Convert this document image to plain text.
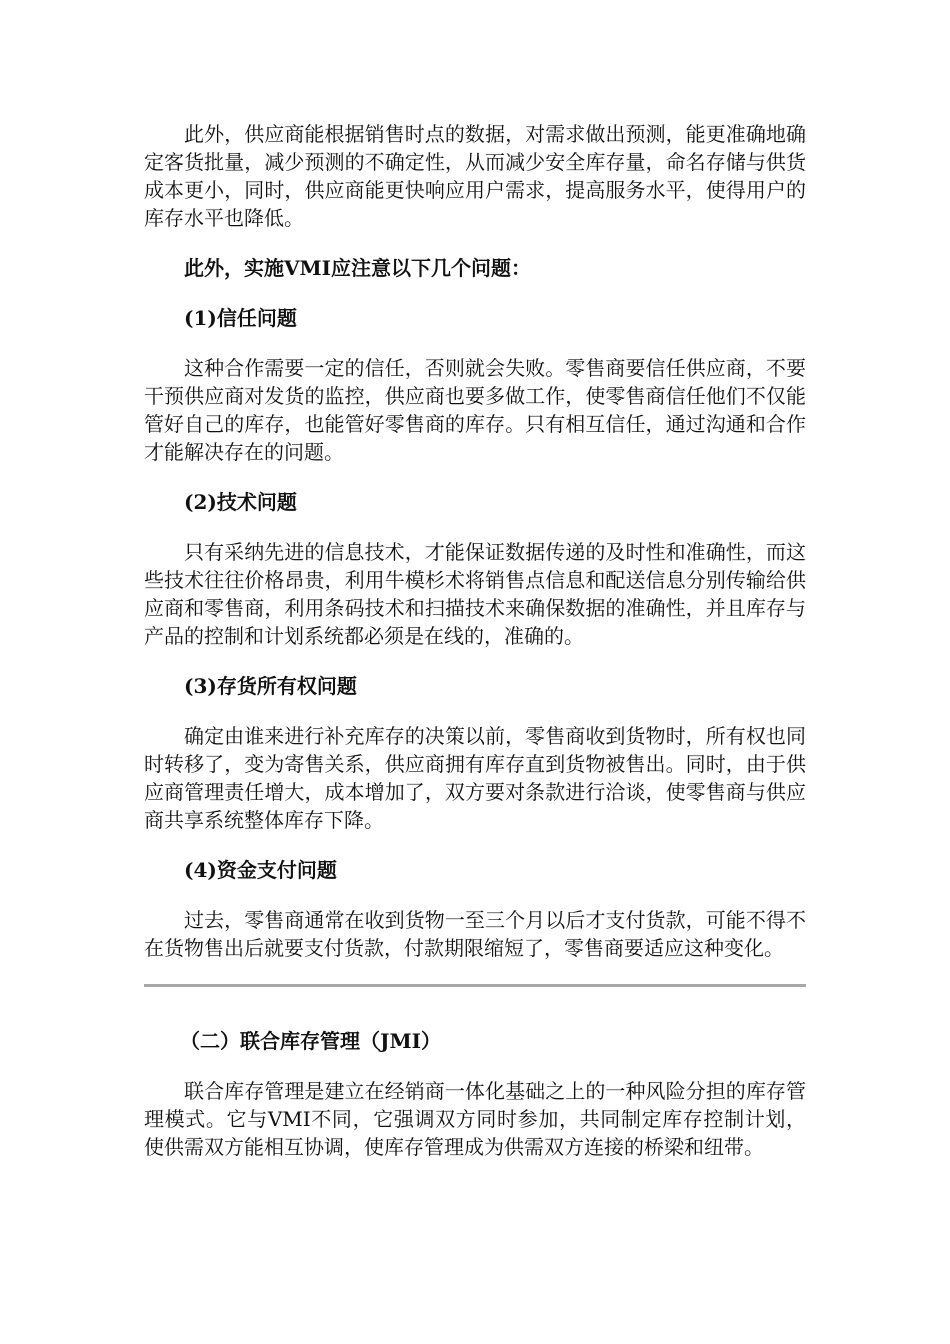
此外，供应商能根据销售时点的数据，对需求做出预测，能更准确地确定客货批量，减少预测的不确定性，从而减少安全库存量，命名存储与供货成本更小，同时，供应商能更快响应用户需求，提高服务水平，使得用户的库存水平也降低。

此外，实施VMI应注意以下几个问题：

(1)信任问题

这种合作需要一定的信任，否则就会失败。零售商要信任供应商，不要干预供应商对发货的监控，供应商也要多做工作，使零售商信任他们不仅能管好自己的库存，也能管好零售商的库存。只有相互信任，通过沟通和合作才能解决存在的问题。

(2)技术问题

只有采纳先进的信息技术，才能保证数据传递的及时性和准确性，而这些技术往往价格昂贵，利用牛模杉术将销售点信息和配送信息分别传输给供应商和零售商，利用条码技术和扫描技术来确保数据的准确性，并且库存与产品的控制和计划系统都必须是在线的，准确的。

(3)存货所有权问题

确定由谁来进行补充库存的决策以前，零售商收到货物时，所有权也同时转移了，变为寄售关系，供应商拥有库存直到货物被售出。同时，由于供应商管理责任增大，成本增加了，双方要对条款进行洽谈，使零售商与供应商共享系统整体库存下降。

(4)资金支付问题

过去，零售商通常在收到货物一至三个月以后才支付货款，可能不得不在货物售出后就要支付货款，付款期限缩短了，零售商要适应这种变化。

（二）联合库存管理（JMI）

联合库存管理是建立在经销商一体化基础之上的一种风险分担的库存管理模式。它与VMI不同，它强调双方同时参加，共同制定库存控制计划，使供需双方能相互协调，使库存管理成为供需双方连接的桥梁和纽带。
